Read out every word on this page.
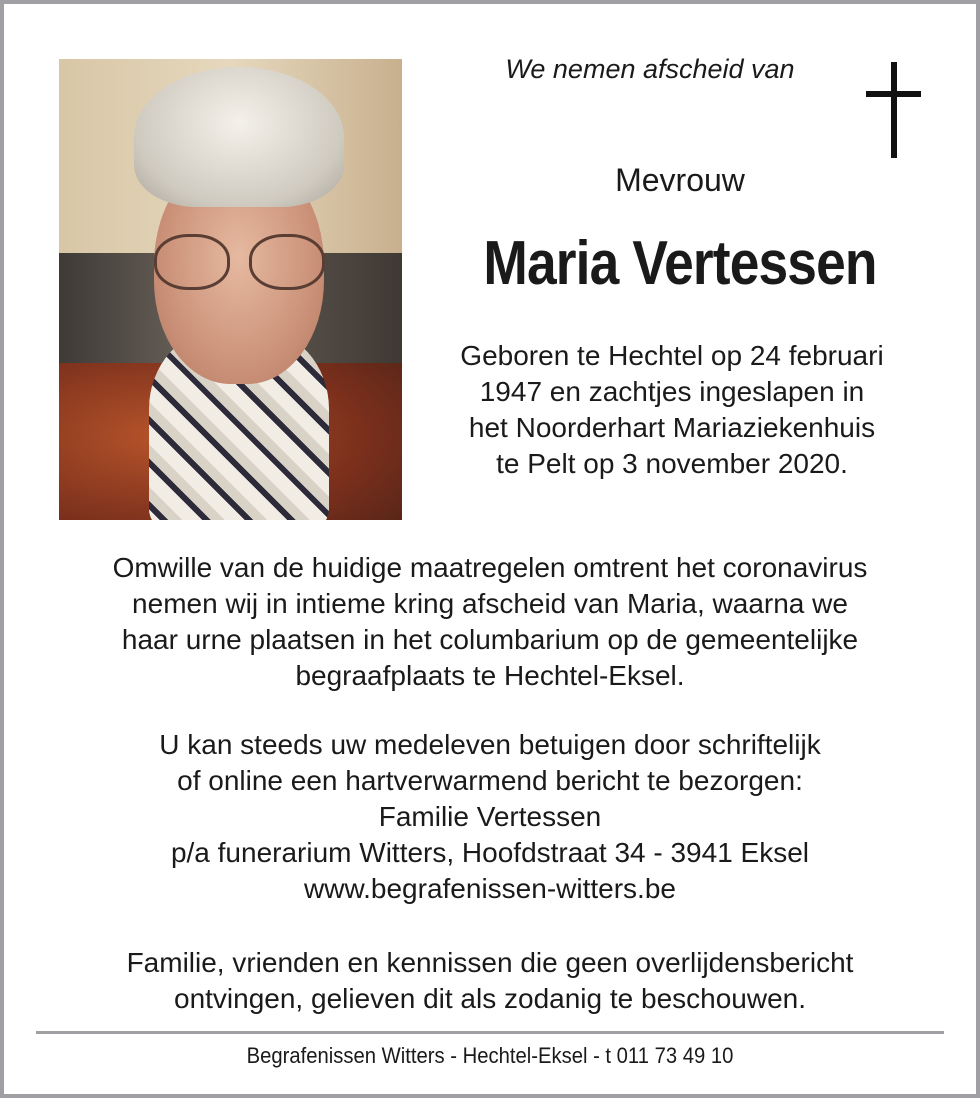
We nemen afscheid van
Mevrouw
Maria Vertessen
Geboren te Hechtel op 24 februari
1947 en zachtjes ingeslapen in
het Noorderhart Mariaziekenhuis
te Pelt op 3 november 2020.
Omwille van de huidige maatregelen omtrent het coronavirus
nemen wij in intieme kring afscheid van Maria, waarna we
haar urne plaatsen in het columbarium op de gemeentelijke
begraafplaats te Hechtel-Eksel.
U kan steeds uw medeleven betuigen door schriftelijk
of online een hartverwarmend bericht te bezorgen:
Familie Vertessen
p/a funerarium Witters, Hoofdstraat 34 - 3941 Eksel
www.begrafenissen-witters.be
Familie, vrienden en kennissen die geen overlijdensbericht
ontvingen, gelieven dit als zodanig te beschouwen.
Begrafenissen Witters - Hechtel-Eksel - t 011 73 49 10
